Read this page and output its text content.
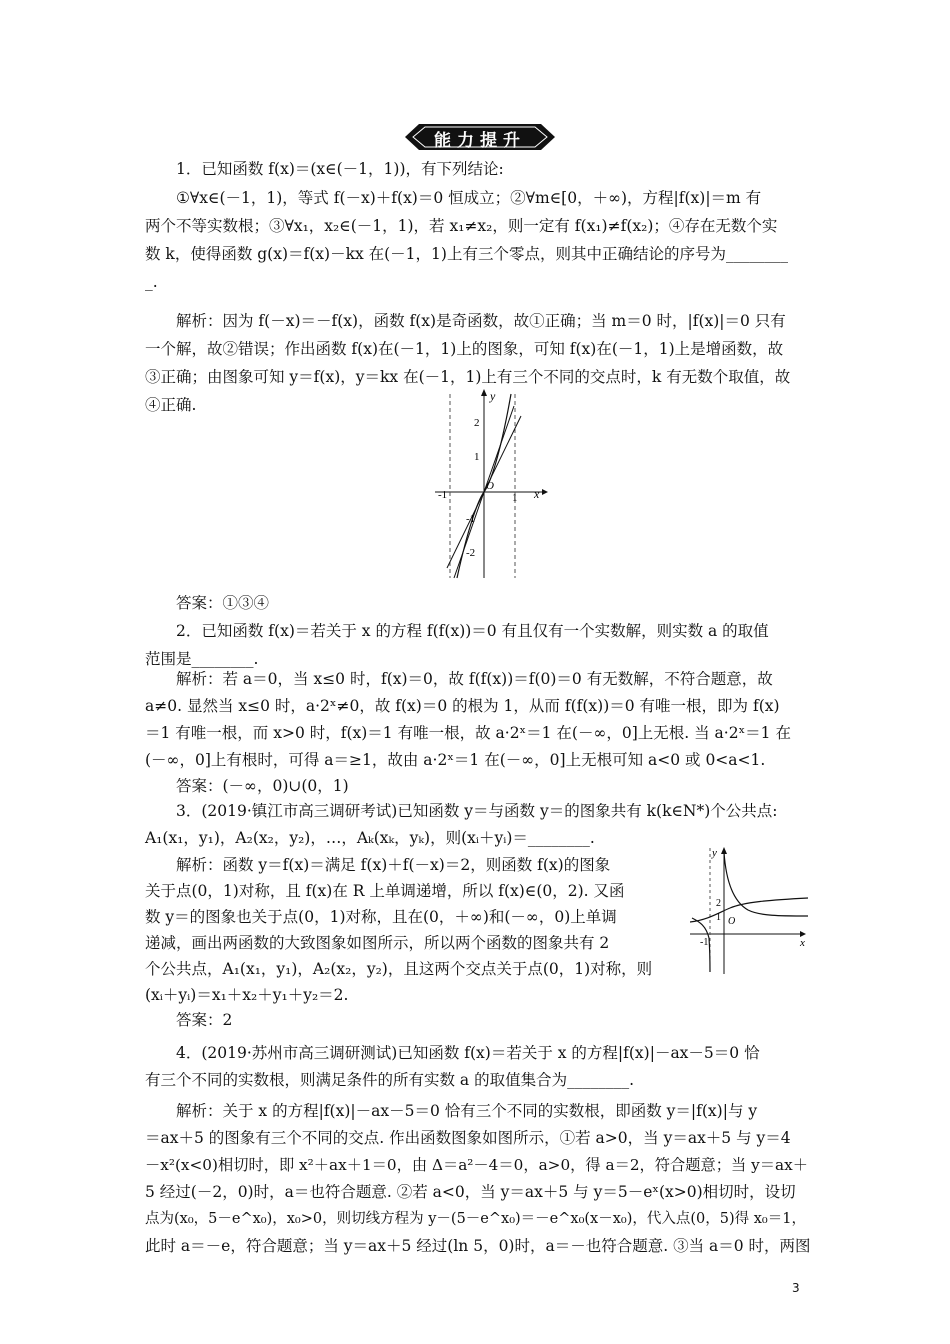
能力提升
1．已知函数 f(x)＝(x∈(－1，1))，有下列结论:
①∀x∈(－1，1)，等式 f(－x)＋f(x)＝0 恒成立；②∀m∈[0，＋∞)，方程|f(x)|＝m 有
两个不等实数根；③∀x₁，x₂∈(－1，1)，若 x₁≠x₂，则一定有 f(x₁)≠f(x₂)；④存在无数个实
数 k，使得函数 g(x)＝f(x)－kx 在(－1，1)上有三个零点，则其中正确结论的序号为________
_.
解析：因为 f(－x)＝－f(x)，函数 f(x)是奇函数，故①正确；当 m＝0 时，|f(x)|＝0 只有
一个解，故②错误；作出函数 f(x)在(－1，1)上的图象，可知 f(x)在(－1，1)上是增函数，故
③正确；由图象可知 y＝f(x)，y＝kx 在(－1，1)上有三个不同的交点时，k 有无数个取值，故
④正确.	y
x
O
-1	1
2
1
-1
-2
答案：①③④
2．已知函数 f(x)＝若关于 x 的方程 f(f(x))＝0 有且仅有一个实数解，则实数 a 的取值
范围是________.
解析：若 a＝0，当 x≤0 时，f(x)＝0，故 f(f(x))＝f(0)＝0 有无数解，不符合题意，故
a≠0. 显然当 x≤0 时，a·2ˣ≠0，故 f(x)＝0 的根为 1，从而 f(f(x))＝0 有唯一根，即为 f(x)
＝1 有唯一根，而 x>0 时，f(x)＝1 有唯一根，故 a·2ˣ＝1 在(－∞，0]上无根. 当 a·2ˣ＝1 在
(－∞，0]上有根时，可得 a＝≥1，故由 a·2ˣ＝1 在(－∞，0]上无根可知 a<0 或 0<a<1.
答案：(－∞，0)∪(0，1)
3．(2019·镇江市高三调研考试)已知函数 y＝与函数 y＝的图象共有 k(k∈N*)个公共点:
A₁(x₁，y₁)，A₂(x₂，y₂)，…，Aₖ(xₖ，yₖ)，则(xᵢ＋yᵢ)＝________.
解析：函数 y＝f(x)＝满足 f(x)＋f(－x)＝2，则函数 f(x)的图象
关于点(0，1)对称，且 f(x)在 R 上单调递增，所以 f(x)∈(0，2). 又函
数 y＝的图象也关于点(0，1)对称，且在(0，＋∞)和(－∞，0)上单调
递减，画出两函数的大致图象如图所示，所以两个函数的图象共有 2
个公共点，A₁(x₁，y₁)，A₂(x₂，y₂)，且这两个交点关于点(0，1)对称，则
(xᵢ＋yᵢ)＝x₁＋x₂＋y₁＋y₂＝2.
答案：2
y
x
O
2
1
-1
4．(2019·苏州市高三调研测试)已知函数 f(x)＝若关于 x 的方程|f(x)|－ax－5＝0 恰
有三个不同的实数根，则满足条件的所有实数 a 的取值集合为________.
解析：关于 x 的方程|f(x)|－ax－5＝0 恰有三个不同的实数根，即函数 y＝|f(x)|与 y
＝ax＋5 的图象有三个不同的交点. 作出函数图象如图所示，①若 a>0，当 y＝ax＋5 与 y＝4
－x²(x<0)相切时，即 x²＋ax＋1＝0，由 Δ＝a²－4＝0，a>0，得 a＝2，符合题意；当 y＝ax＋
5 经过(－2，0)时，a＝也符合题意. ②若 a<0，当 y＝ax＋5 与 y＝5－eˣ(x>0)相切时，设切
点为(x₀，5－e^x₀)，x₀>0，则切线方程为 y－(5－e^x₀)＝－e^x₀(x－x₀)，代入点(0，5)得 x₀＝1，
此时 a＝－e，符合题意；当 y＝ax＋5 经过(ln 5，0)时，a＝－也符合题意. ③当 a＝0 时，两图
3
